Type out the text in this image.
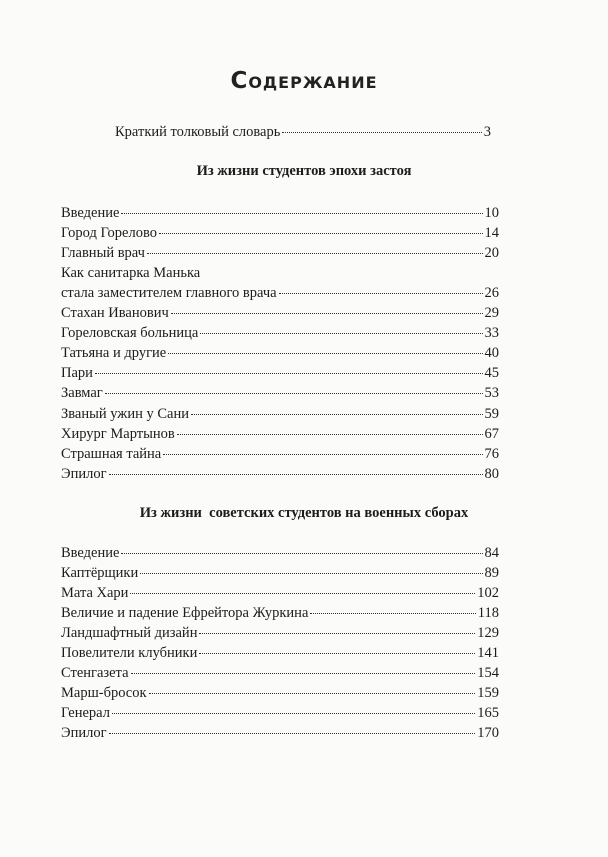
Содержание
Краткий толковый словарь	3
Из жизни студентов эпохи застоя
Введение	10
Город Горелово	14
Главный врач	20
Как санитарка Манька
стала заместителем главного врача	26
Стахан Иванович	29
Гореловская больница	33
Татьяна и другие	40
Пари	45
Завмаг	53
Званый ужин у Сани	59
Хирург Мартынов	67
Страшная тайна	76
Эпилог	80
Из жизни  советских студентов на военных сборах
Введение	84
Каптёрщики	89
Мата Хари	102
Величие и падение Ефрейтора Журкина	118
Ландшафтный дизайн	129
Повелители клубники	141
Стенгазета	154
Марш-бросок	159
Генерал	165
Эпилог	170
